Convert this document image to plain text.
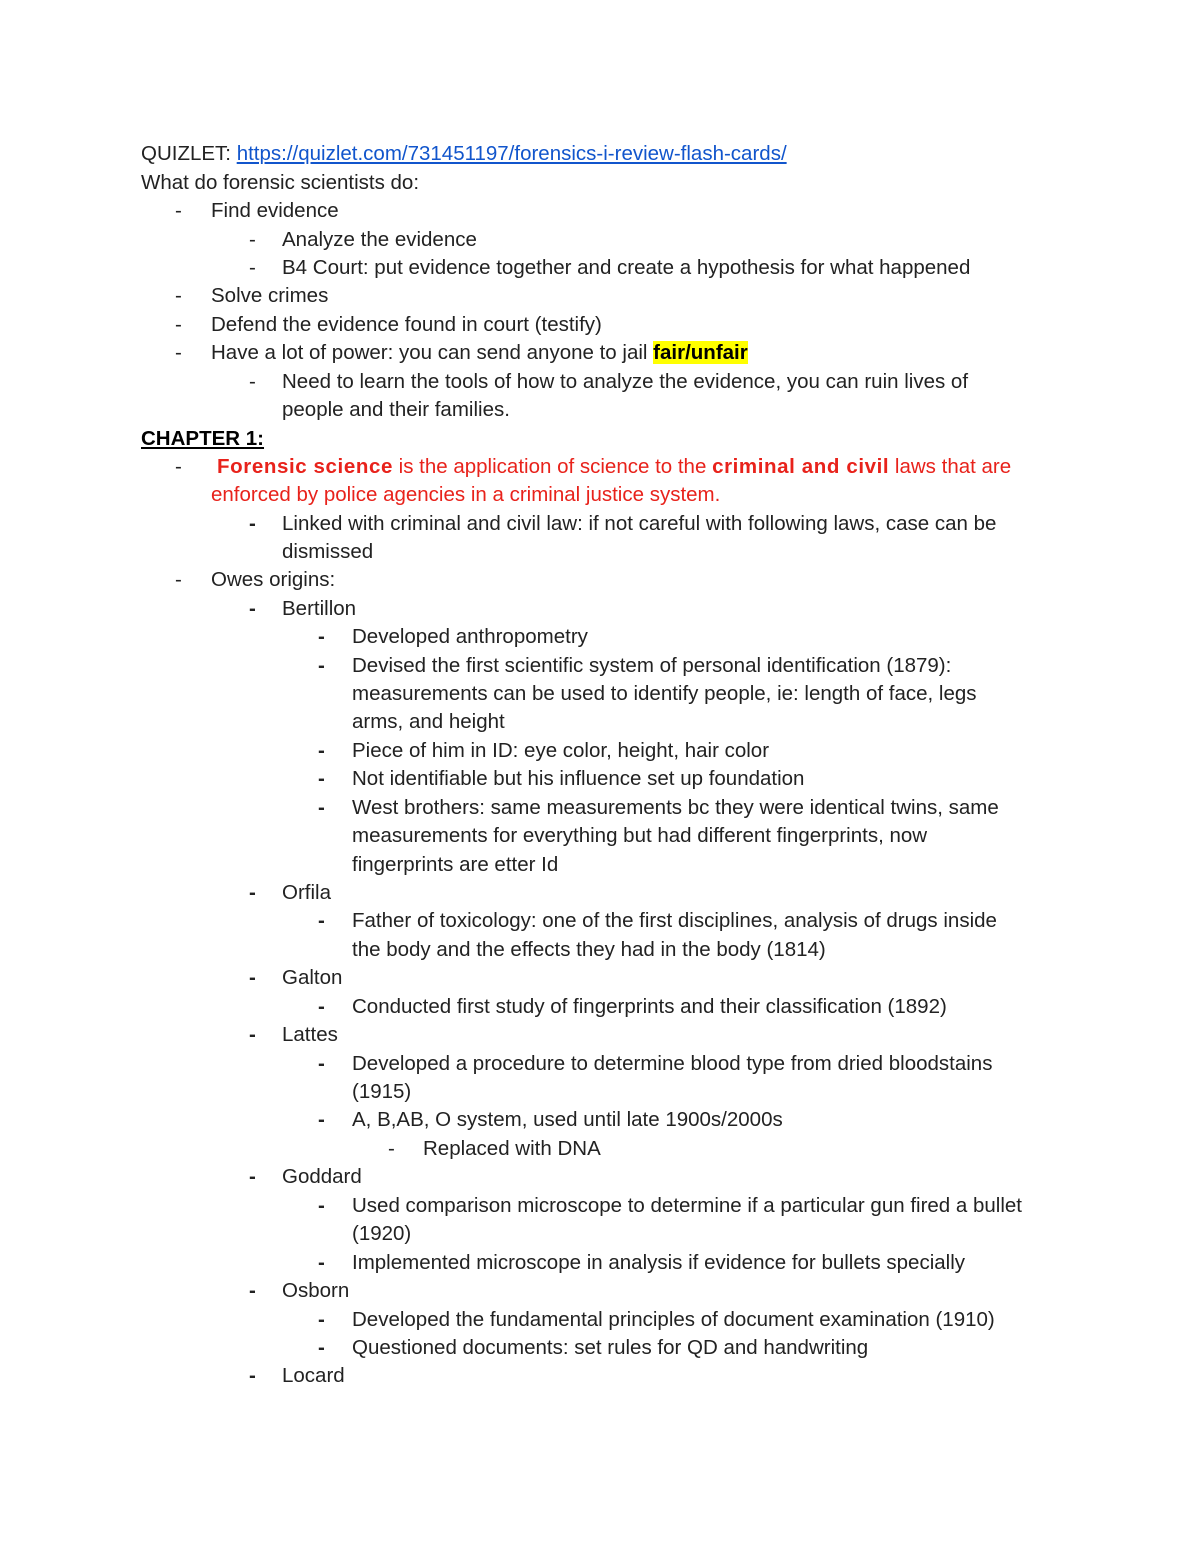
QUIZLET: https://quizlet.com/731451197/forensics-i-review-flash-cards/
What do forensic scientists do:
- Find evidence
- Analyze the evidence
- B4 Court: put evidence together and create a hypothesis for what happened
- Solve crimes
- Defend the evidence found in court (testify)
- Have a lot of power: you can send anyone to jail fair/unfair
- Need to learn the tools of how to analyze the evidence, you can ruin lives of
people and their families.
CHAPTER 1:
- Forensic science is the application of science to the criminal and civil laws that are
enforced by police agencies in a criminal justice system.
- Linked with criminal and civil law: if not careful with following laws, case can be
dismissed
- Owes origins:
- Bertillon
- Developed anthropometry
- Devised the first scientific system of personal identification (1879):
measurements can be used to identify people, ie: length of face, legs
arms, and height
- Piece of him in ID: eye color, height, hair color
- Not identifiable but his influence set up foundation
- West brothers: same measurements bc they were identical twins, same
measurements for everything but had different fingerprints, now
fingerprints are etter Id
- Orfila
- Father of toxicology: one of the first disciplines, analysis of drugs inside
the body and the effects they had in the body (1814)
- Galton
- Conducted first study of fingerprints and their classification (1892)
- Lattes
- Developed a procedure to determine blood type from dried bloodstains
(1915)
- A, B,AB, O system, used until late 1900s/2000s
- Replaced with DNA
- Goddard
- Used comparison microscope to determine if a particular gun fired a bullet
(1920)
- Implemented microscope in analysis if evidence for bullets specially
- Osborn
- Developed the fundamental principles of document examination (1910)
- Questioned documents: set rules for QD and handwriting
- Locard
